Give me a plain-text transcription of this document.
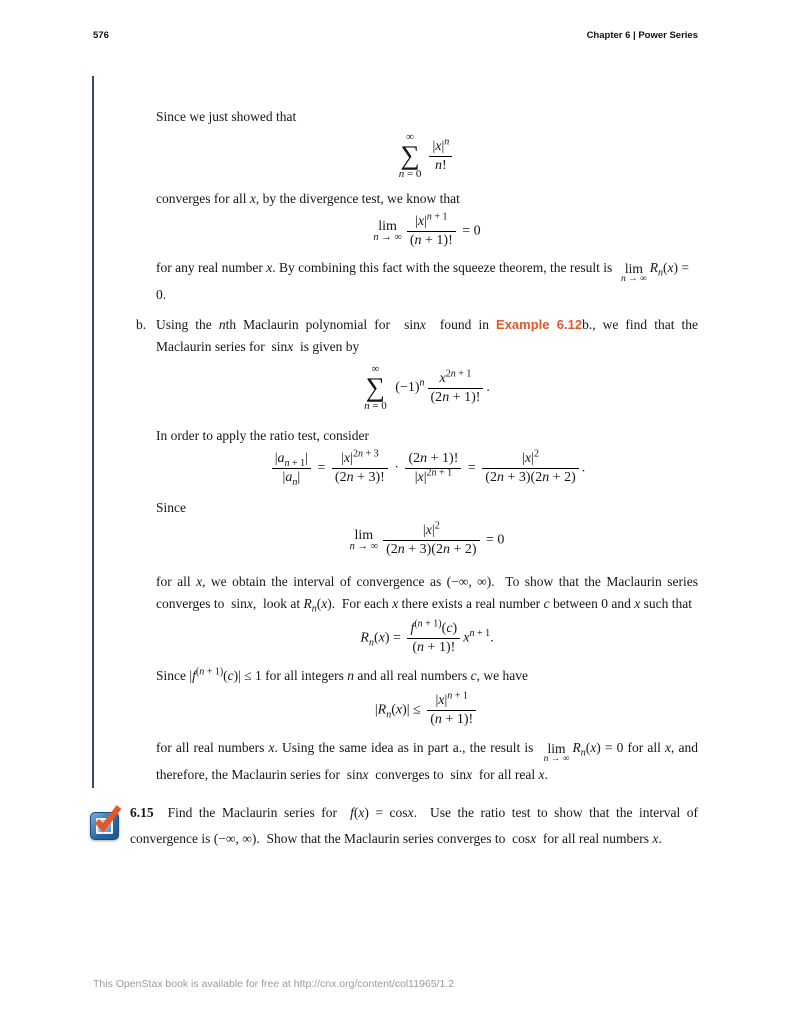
576	Chapter 6 | Power Series

Since we just showed that

∞
∑
n = 0
$\frac{|x|^n}{n!}$

converges for all x, by the divergence test, we know that

lim
n → ∞ $\frac{|x|^{n + 1}}{(n + 1)!} = 0$

for any real number x. By combining this fact with the squeeze theorem, the result is lim
n → ∞
$R_n(x) = 0$.

b. Using the nth Maclaurin polynomial for  sinx  found in Example 6.12b., we find that the Maclaurin series for  sinx  is given by

∞
∑
n = 0
$(-1)^n \frac{x^{2n + 1}}{(2n + 1)!}$ .

In order to apply the ratio test, consider

$\frac{|a_{n + 1}|}{|a_n|} = \frac{|x|^{2n + 3}}{(2n + 3)!} \cdot \frac{(2n + 1)!}{|x|^{2n + 1}} = \frac{|x|^2}{(2n + 3)(2n + 2)}$ .

Since

lim
n → ∞ $\frac{|x|^2}{(2n + 3)(2n + 2)} = 0$

for all x, we obtain the interval of convergence as (−∞, ∞).  To show that the Maclaurin series converges to  sinx,  look at $R_n(x)$.  For each x there exists a real number c between 0 and x such that

$R_n(x) = \frac{f^{(n + 1)}(c)}{(n + 1)!} x^{n + 1}$.

Since $|f^{(n + 1)}(c)| \le 1$ for all integers n and all real numbers c, we have

$|R_n(x)| \le \frac{|x|^{n + 1}}{(n + 1)!}$

for all real numbers x. Using the same idea as in part a., the result is lim
n → ∞
$R_n(x) = 0$ for all x, and therefore, the Maclaurin series for  sinx  converges to  sinx  for all real x.

6.15 Find the Maclaurin series for  f(x) = cosx.  Use the ratio test to show that the interval of convergence is (−∞, ∞).  Show that the Maclaurin series converges to  cosx  for all real numbers x.

This OpenStax book is available for free at http://cnx.org/content/col11965/1.2
